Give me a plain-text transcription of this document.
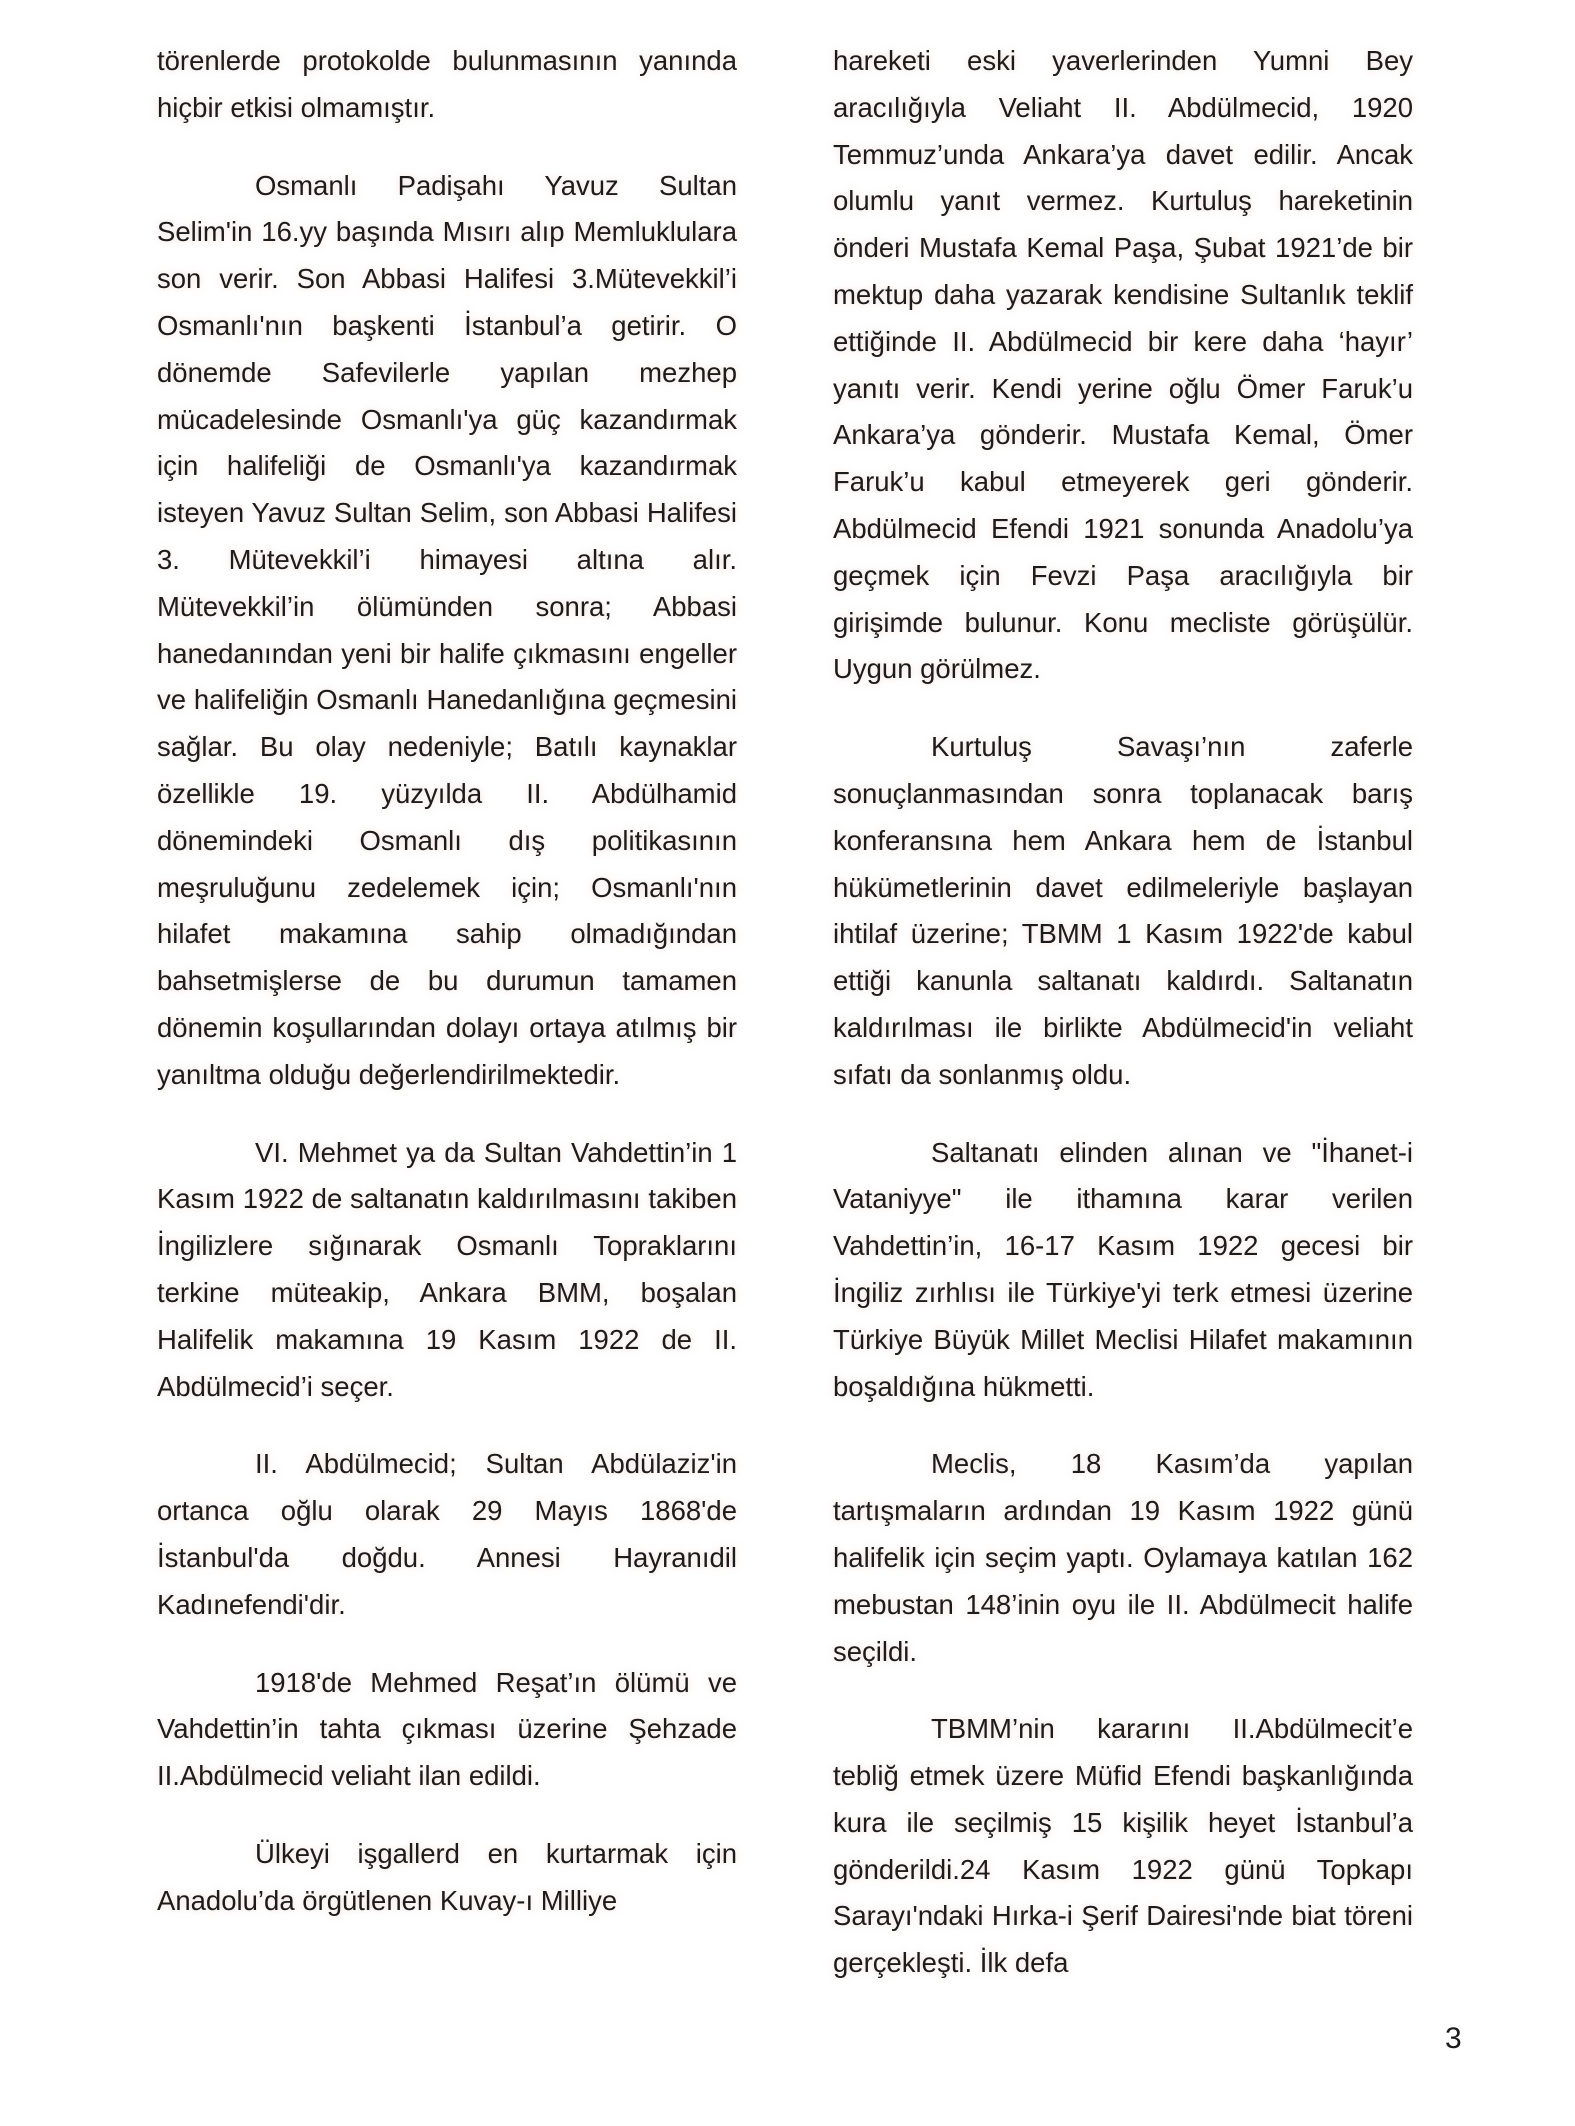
törenlerde protokolde bulunmasının yanında hiçbir etkisi olmamıştır.

Osmanlı Padişahı Yavuz Sultan Selim'in 16.yy başında Mısırı alıp Memluklulara son verir. Son Abbasi Halifesi 3.Mütevekkil’i Osmanlı'nın başkenti İstanbul’a getirir. O dönemde Safevilerle yapılan mezhep mücadelesinde Osmanlı'ya güç kazandırmak için halifeliği de Osmanlı'ya kazandırmak isteyen Yavuz Sultan Selim, son Abbasi Halifesi 3. Mütevekkil’i himayesi altına alır. Mütevekkil’in ölümünden sonra; Abbasi hanedanından yeni bir halife çıkmasını engeller ve halifeliğin Osmanlı Hanedanlığına geçmesini sağlar. Bu olay nedeniyle; Batılı kaynaklar özellikle 19. yüzyılda II. Abdülhamid dönemindeki Osmanlı dış politikasının meşruluğunu zedelemek için; Osmanlı'nın hilafet makamına sahip olmadığından bahsetmişlerse de bu durumun tamamen dönemin koşullarından dolayı ortaya atılmış bir yanıltma olduğu değerlendirilmektedir.

VI. Mehmet ya da Sultan Vahdettin’in 1 Kasım 1922 de saltanatın kaldırılmasını takiben İngilizlere sığınarak Osmanlı Topraklarını terkine müteakip, Ankara BMM, boşalan Halifelik makamına 19 Kasım 1922 de II. Abdülmecid’i seçer.

II. Abdülmecid; Sultan Abdülaziz'in ortanca oğlu olarak 29 Mayıs 1868'de İstanbul'da doğdu. Annesi Hayranıdil Kadınefendi'dir.

1918'de Mehmed Reşat’ın ölümü ve Vahdettin’in tahta çıkması üzerine Şehzade II.Abdülmecid veliaht ilan edildi.

Ülkeyi işgallerd en kurtarmak için Anadolu’da örgütlenen Kuvay-ı Milliye

hareketi eski yaverlerinden Yumni Bey aracılığıyla Veliaht II. Abdülmecid, 1920 Temmuz’unda Ankara’ya davet edilir. Ancak olumlu yanıt vermez. Kurtuluş hareketinin önderi Mustafa Kemal Paşa, Şubat 1921’de bir mektup daha yazarak kendisine Sultanlık teklif ettiğinde II. Abdülmecid bir kere daha ‘hayır’ yanıtı verir. Kendi yerine oğlu Ömer Faruk’u Ankara’ya gönderir. Mustafa Kemal, Ömer Faruk’u kabul etmeyerek geri gönderir. Abdülmecid Efendi 1921 sonunda Anadolu’ya geçmek için Fevzi Paşa aracılığıyla bir girişimde bulunur. Konu mecliste görüşülür. Uygun görülmez.

Kurtuluş Savaşı’nın zaferle sonuçlanmasından sonra toplanacak barış konferansına hem Ankara hem de İstanbul hükümetlerinin davet edilmeleriyle başlayan ihtilaf üzerine; TBMM 1 Kasım 1922'de kabul ettiği kanunla saltanatı kaldırdı. Saltanatın kaldırılması ile birlikte Abdülmecid'in veliaht sıfatı da sonlanmış oldu.

Saltanatı elinden alınan ve "İhanet-i Vataniyye" ile ithamına karar verilen Vahdettin’in, 16-17 Kasım 1922 gecesi bir İngiliz zırhlısı ile Türkiye'yi terk etmesi üzerine Türkiye Büyük Millet Meclisi Hilafet makamının boşaldığına hükmetti.

Meclis, 18 Kasım’da yapılan tartışmaların ardından 19 Kasım 1922 günü halifelik için seçim yaptı. Oylamaya katılan 162 mebustan 148’inin oyu ile II. Abdülmecit halife seçildi.

TBMM’nin kararını II.Abdülmecit’e tebliğ etmek üzere Müfid Efendi başkanlığında kura ile seçilmiş 15 kişilik heyet İstanbul’a gönderildi.24 Kasım 1922 günü Topkapı Sarayı'ndaki Hırka-i Şerif Dairesi'nde biat töreni gerçekleşti. İlk defa

3
